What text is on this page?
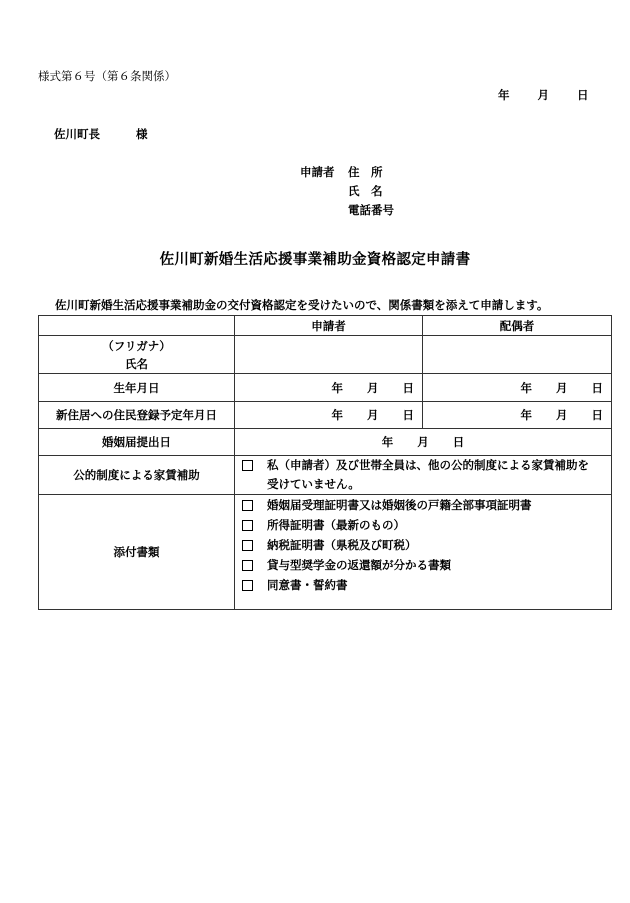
様式第６号（第６条関係）
年 月 日
佐川町長	様
申請者	住　所
氏　名
電話番号
佐川町新婚生活応援事業補助金資格認定申請書
佐川町新婚生活応援事業補助金の交付資格認定を受けたいので、関係書類を添えて申請します。
	申請者	配偶者

（フリガナ）
氏名		

生年月日	年 月 日	年 月 日

新住居への住民登録予定年月日	年 月 日	年 月 日

婚姻届提出日	年 月 日	
公的制度による家賃補助	私（申請者）及び世帯全員は、他の公的制度による家賃補助を
受けていません。	

添付書類	婚姻届受理証明書又は婚姻後の戸籍全部事項証明書
所得証明書（最新のもの）
納税証明書（県税及び町税）
貸与型奨学金の返還額が分かる書類
同意書・誓約書	
